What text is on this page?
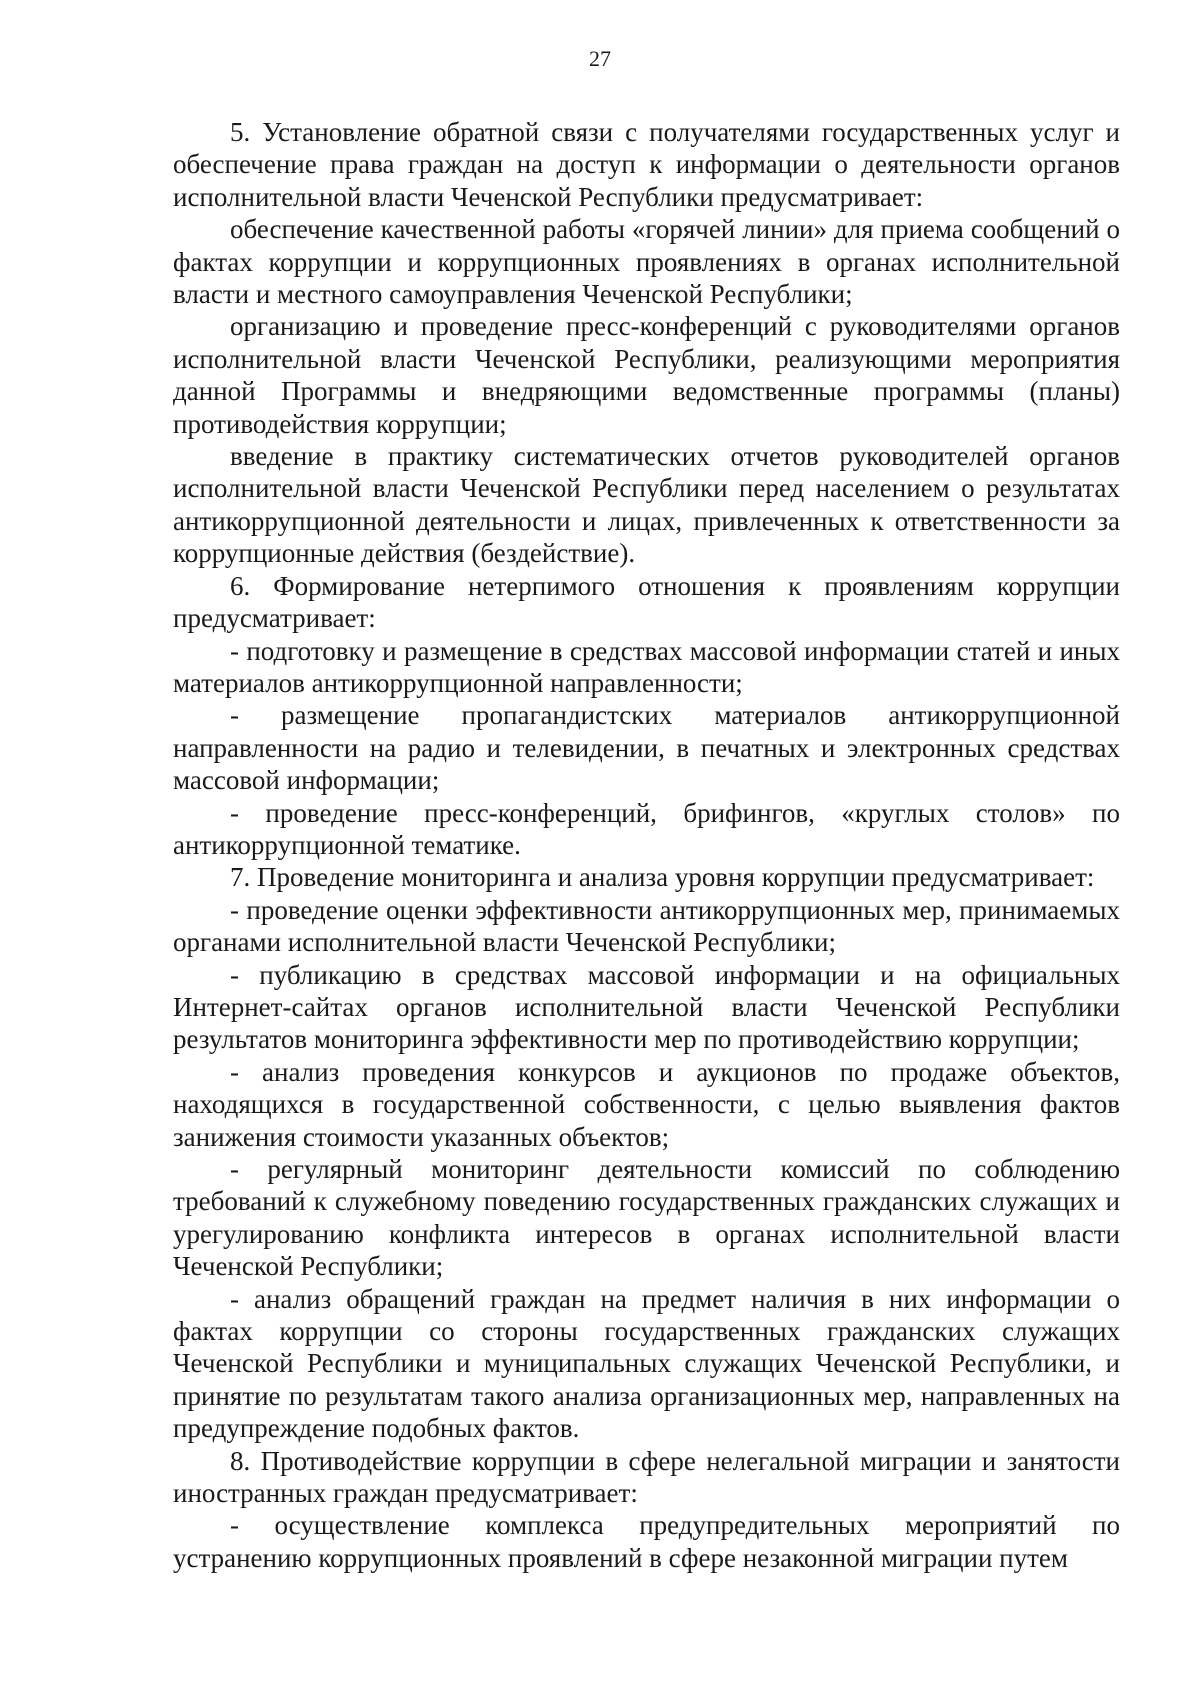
27

5. Установление обратной связи с получателями государственных услуг и обеспечение права граждан на доступ к информации о деятельности органов исполнительной власти Чеченской Республики предусматривает:

обеспечение качественной работы «горячей линии» для приема сообщений о фактах коррупции и коррупционных проявлениях в органах исполнительной власти и местного самоуправления Чеченской Республики;

организацию и проведение пресс-конференций с руководителями органов исполнительной власти Чеченской Республики, реализующими мероприятия данной Программы и внедряющими ведомственные программы (планы) противодействия коррупции;

введение в практику систематических отчетов руководителей органов исполнительной власти Чеченской Республики перед населением о результатах антикоррупционной деятельности и лицах, привлеченных к ответственности за коррупционные действия (бездействие).

6. Формирование нетерпимого отношения к проявлениям коррупции предусматривает:

- подготовку и размещение в средствах массовой информации статей и иных материалов антикоррупционной направленности;

- размещение пропагандистских материалов антикоррупционной направленности на радио и телевидении, в печатных и электронных средствах массовой информации;

- проведение пресс-конференций, брифингов, «круглых столов» по антикоррупционной тематике.

7. Проведение мониторинга и анализа уровня коррупции предусматривает:

- проведение оценки эффективности антикоррупционных мер, принимаемых органами исполнительной власти Чеченской Республики;

- публикацию в средствах массовой информации и на официальных Интернет-сайтах органов исполнительной власти Чеченской Республики результатов мониторинга эффективности мер по противодействию коррупции;

- анализ проведения конкурсов и аукционов по продаже объектов, находящихся в государственной собственности, с целью выявления фактов занижения стоимости указанных объектов;

- регулярный мониторинг деятельности комиссий по соблюдению требований к служебному поведению государственных гражданских служащих и урегулированию конфликта интересов в органах исполнительной власти Чеченской Республики;

- анализ обращений граждан на предмет наличия в них информации о фактах коррупции со стороны государственных гражданских служащих Чеченской Республики и муниципальных служащих Чеченской Республики, и принятие по результатам такого анализа организационных мер, направленных на предупреждение подобных фактов.

8. Противодействие коррупции в сфере нелегальной миграции и занятости иностранных граждан предусматривает:

- осуществление комплекса предупредительных мероприятий по устранению коррупционных проявлений в сфере незаконной миграции путем
